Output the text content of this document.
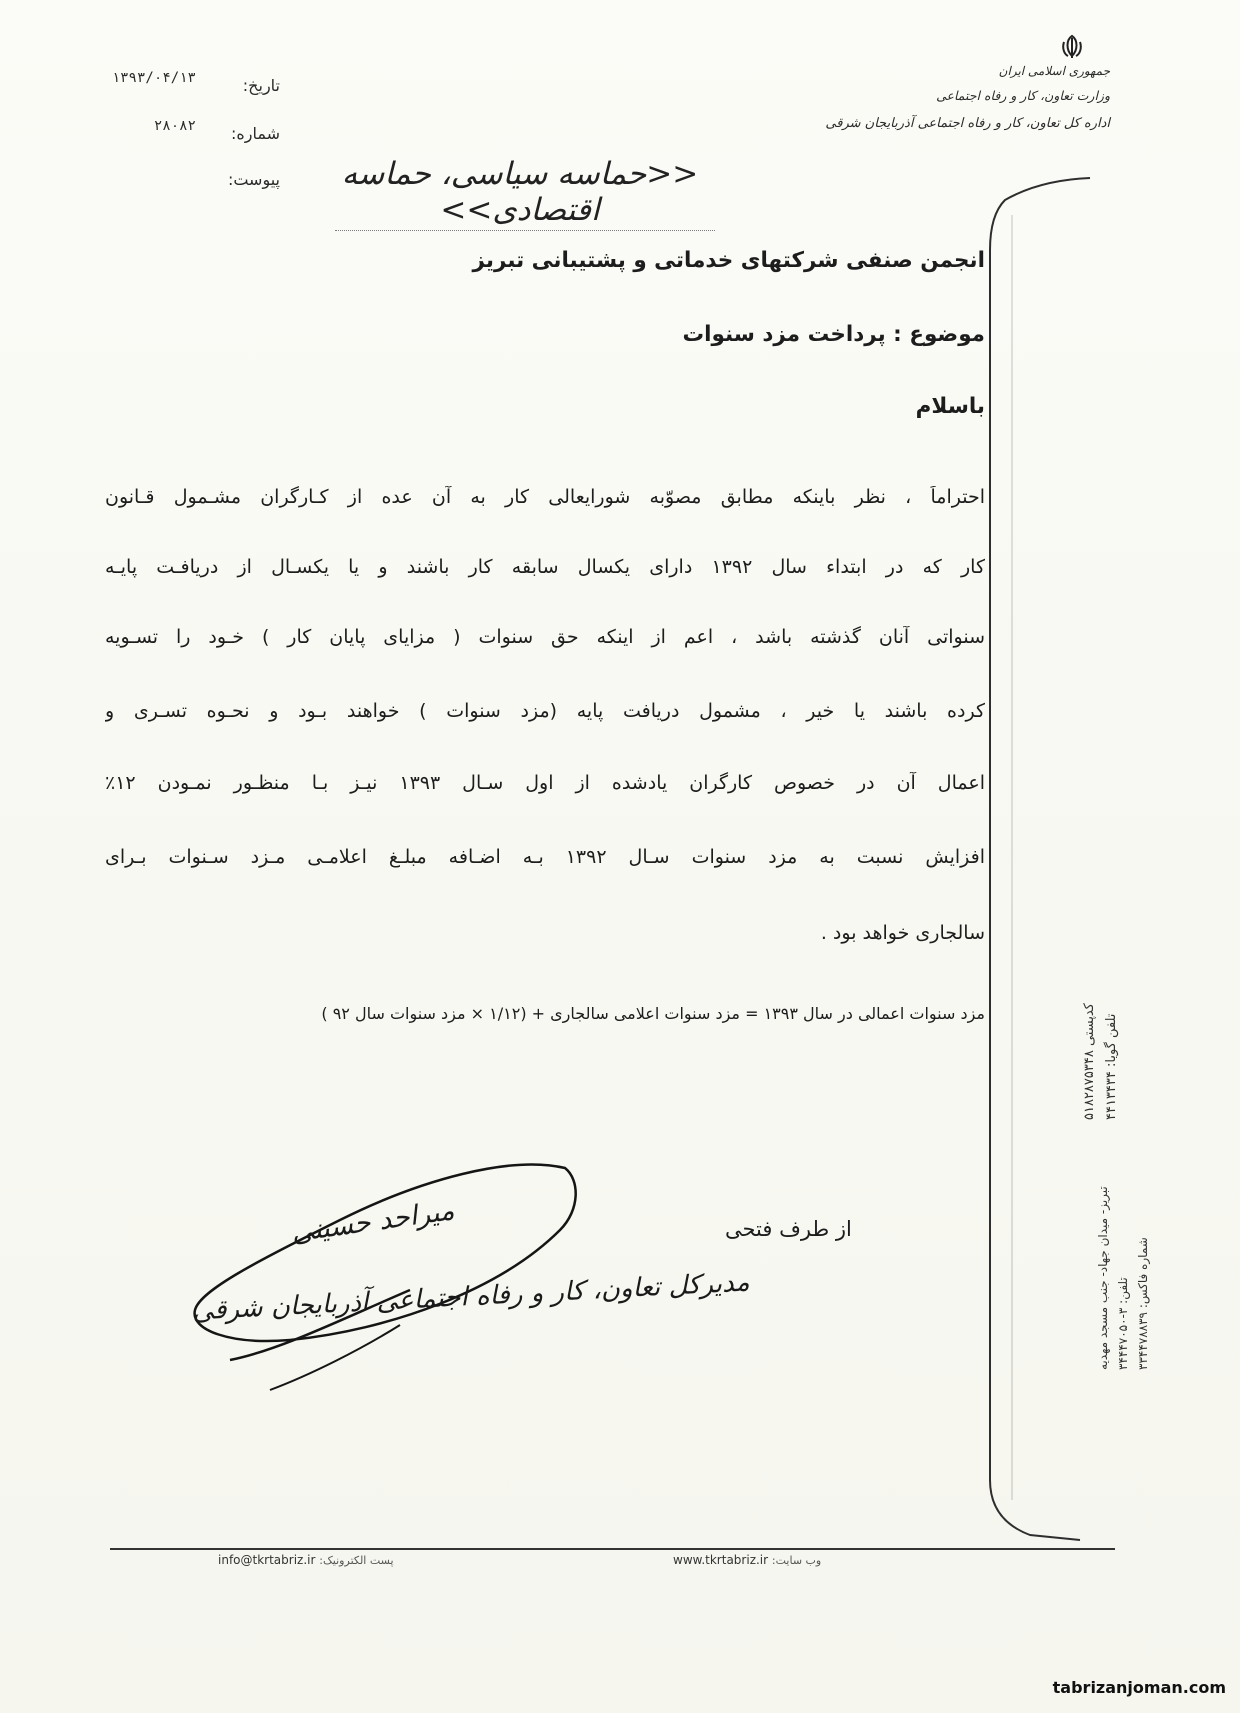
جمهوری اسلامی ایران
وزارت تعاون، کار و رفاه اجتماعی
اداره کل تعاون، کار و رفاه اجتماعی آذربایجان شرقی
تاریخ:
۱۳۹۳/۰۴/۱۳
شماره:
۲۸۰۸۲
پیوست:	<<حماسه سیاسی، حماسه اقتصادی>>
انجمن صنفی شرکتهای خدماتی و پشتیبانی تبریز
موضوع : پرداخت مزد سنوات
باسلام
احتراماً ، نظر باینکه مطابق مصوّبه شورایعالی کار به آن عده از کـارگران مشـمول قـانون
کار که در ابتداء سال ۱۳۹۲ دارای یکسال سابقه کار باشند و یا یکسـال از دریافـت پایـه
سنواتی آنان گذشته باشد ، اعم از اینکه حق سنوات ( مزایای پایان کار ) خـود را تسـویه
کرده باشند یا خیر ، مشمول دریافت پایه (مزد سنوات ) خواهند بـود و نحـوه تسـری و
اعمال آن در خصوص کارگران یادشده از اول سـال ۱۳۹۳ نیـز بـا منظـور نمـودن ۱۲٪
افزایش نسبت به مزد سنوات سـال ۱۳۹۲ بـه اضـافه مبلـغ اعلامـی مـزد سـنوات بـرای
سالجاری خواهد بود .
مزد سنوات اعمالی در سال ۱۳۹۳ = مزد سنوات اعلامی سالجاری + (۱/۱۲ × مزد سنوات سال ۹۲ )
از طرف فتحی
میراحد حسینی
مدیرکل تعاون، کار و رفاه اجتماعی آذربایجان شرقی
کدپستی ۵۱۸۲۸۷۵۳۴۸
تلفن گویا: ۴۴۱۳۴۳۴
تبریز- میدان جهاد- جنب مسجد مهدیه تلفن: ۳-۳۴۴۴۷۰۵۰
شماره فاکس: ۳۳۴۴۷۸۸۳۹
info@tkrtabriz.ir پست الکترونیک:	www.tkrtabriz.ir وب سایت:
tabrizanjoman.com
